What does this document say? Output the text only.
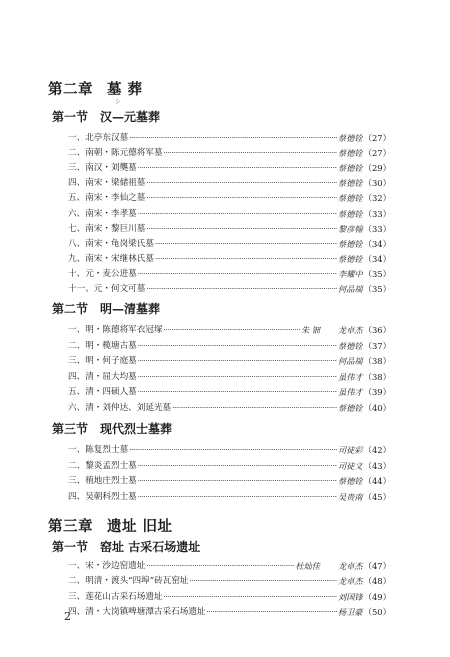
第二章 墓 葬
ㇱ
第一节 汉—元墓葬
一、北亭东汉墓 ·····	蔡德铨 （27）
二、南朝・陈元德将军墓 ·····	蔡德铨 （27）
三、南汉・刘龑墓 ·····	蔡德铨 （29）
四、南宋・梁储祖墓 ·····	蔡德铨 （30）
五、南宋・李仙之墓 ·····	蔡德铨 （32）
六、南宋・李孝墓 ·····	蔡德铨 （33）
七、南宋・黎巨川墓 ·····	黎彦翰 （33）
八、南宋・龟岗梁氏墓 ·····	蔡德铨 （34）
九、南宋・宋继林氏墓 ·····	蔡德铨 （34）
十、元・麦公进墓 ·····	李耀中 （35）
十一、元・何文可墓 ·····	何品端 （35）
第二节 明—清墓葬
一、明・陈德将军衣冠塚 ·····	朱 钿 龙卓杰 （36）
二、明・榄塘古墓 ·····	蔡德铨 （37）
三、明・何子庭墓 ·····	何品端 （38）
四、清・屈大均墓 ·····	虽伟才 （38）
五、清・四硕人墓 ·····	虽伟才 （39）
六、清・刘仲达、刘延光墓 ·····	蔡德铨 （40）
第三节 现代烈士墓葬
一、陈复烈士墓 ·····	司徒彩 （42）
二、黎炎孟烈士墓 ·····	司徒文 （43）
三、植地庄烈士墓 ·····	蔡德铨 （44）
四、吴朝科烈士墓 ·····	吴贵南 （45）
第三章 遗址 旧址
第一节 窑址 古采石场遗址
一、宋・沙边窑遗址 ·····	杜灿佳 龙卓杰 （47）
二、明清・渡头“四埠”砖瓦窑址 ·····	龙卓杰 （48）
三、莲花山古采石场遗址 ·····	刘国锋 （49）
四、清・大岗镇啤塘潭古采石场遗址 ·····	杨卫豪 （50）
2
